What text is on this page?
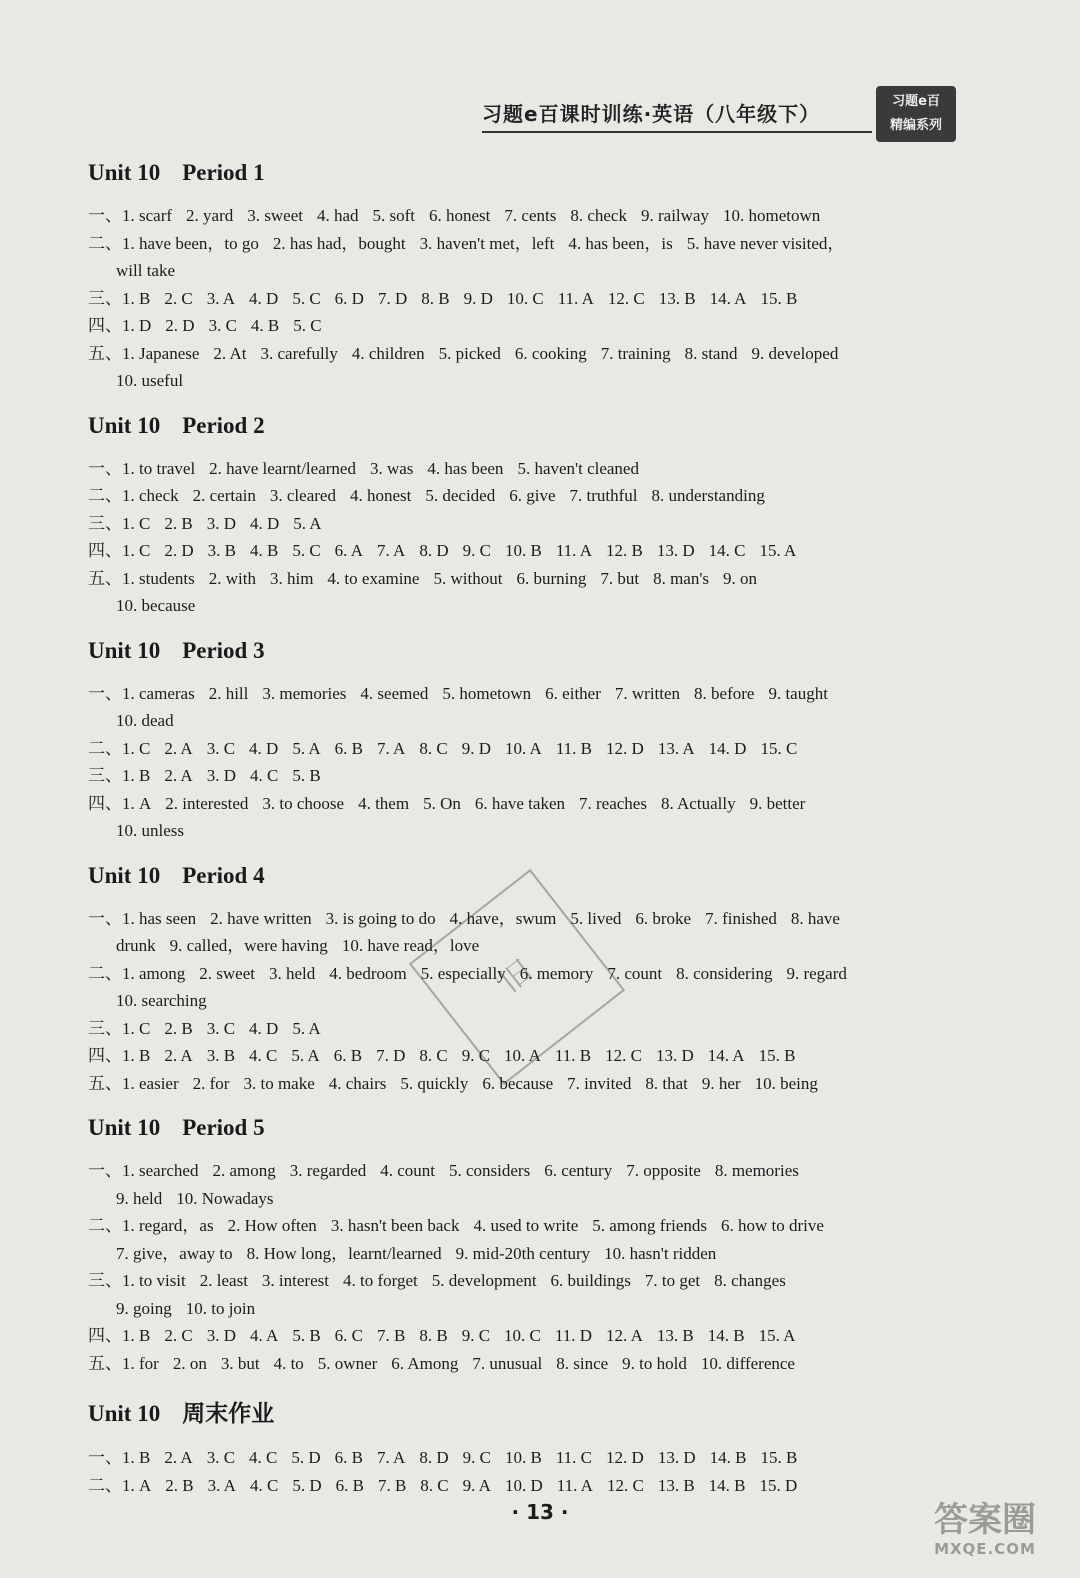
习题e百课时训练·英语（八年级下）
习题e百
精编系列
Unit 10 Period 1
一、1. scarf 2. yard 3. sweet 4. had 5. soft 6. honest 7. cents 8. check 9. railway 10. hometown
二、1. have been，to go 2. has had，bought 3. haven't met，left 4. has been，is 5. have never visited，
will take
三、1. B 2. C 3. A 4. D 5. C 6. D 7. D 8. B 9. D 10. C 11. A 12. C 13. B 14. A 15. B
四、1. D 2. D 3. C 4. B 5. C
五、1. Japanese 2. At 3. carefully 4. children 5. picked 6. cooking 7. training 8. stand 9. developed
10. useful
Unit 10 Period 2
一、1. to travel 2. have learnt/learned 3. was 4. has been 5. haven't cleaned
二、1. check 2. certain 3. cleared 4. honest 5. decided 6. give 7. truthful 8. understanding
三、1. C 2. B 3. D 4. D 5. A
四、1. C 2. D 3. B 4. B 5. C 6. A 7. A 8. D 9. C 10. B 11. A 12. B 13. D 14. C 15. A
五、1. students 2. with 3. him 4. to examine 5. without 6. burning 7. but 8. man's 9. on
10. because
Unit 10 Period 3
一、1. cameras 2. hill 3. memories 4. seemed 5. hometown 6. either 7. written 8. before 9. taught
10. dead
二、1. C 2. A 3. C 4. D 5. A 6. B 7. A 8. C 9. D 10. A 11. B 12. D 13. A 14. D 15. C
三、1. B 2. A 3. D 4. C 5. B
四、1. A 2. interested 3. to choose 4. them 5. On 6. have taken 7. reaches 8. Actually 9. better
10. unless
Unit 10 Period 4
一、1. has seen 2. have written 3. is going to do 4. have，swum 5. lived 6. broke 7. finished 8. have
drunk 9. called，were having 10. have read，love
二、1. among 2. sweet 3. held 4. bedroom 5. especially 6. memory 7. count 8. considering 9. regard
10. searching
三、1. C 2. B 3. C 4. D 5. A
四、1. B 2. A 3. B 4. C 5. A 6. B 7. D 8. C 9. C 10. A 11. B 12. C 13. D 14. A 15. B
五、1. easier 2. for 3. to make 4. chairs 5. quickly 6. because 7. invited 8. that 9. her 10. being
Unit 10 Period 5
一、1. searched 2. among 3. regarded 4. count 5. considers 6. century 7. opposite 8. memories
9. held 10. Nowadays
二、1. regard，as 2. How often 3. hasn't been back 4. used to write 5. among friends 6. how to drive
7. give，away to 8. How long，learnt/learned 9. mid-20th century 10. hasn't ridden
三、1. to visit 2. least 3. interest 4. to forget 5. development 6. buildings 7. to get 8. changes
9. going 10. to join
四、1. B 2. C 3. D 4. A 5. B 6. C 7. B 8. B 9. C 10. C 11. D 12. A 13. B 14. B 15. A
五、1. for 2. on 3. but 4. to 5. owner 6. Among 7. unusual 8. since 9. to hold 10. difference
Unit 10 周末作业
一、1. B 2. A 3. C 4. C 5. D 6. B 7. A 8. D 9. C 10. B 11. C 12. D 13. D 14. B 15. B
二、1. A 2. B 3. A 4. C 5. D 6. B 7. B 8. C 9. A 10. D 11. A 12. C 13. B 14. B 15. D
旧
· 13 ·	答案圈
MXQE.COM
